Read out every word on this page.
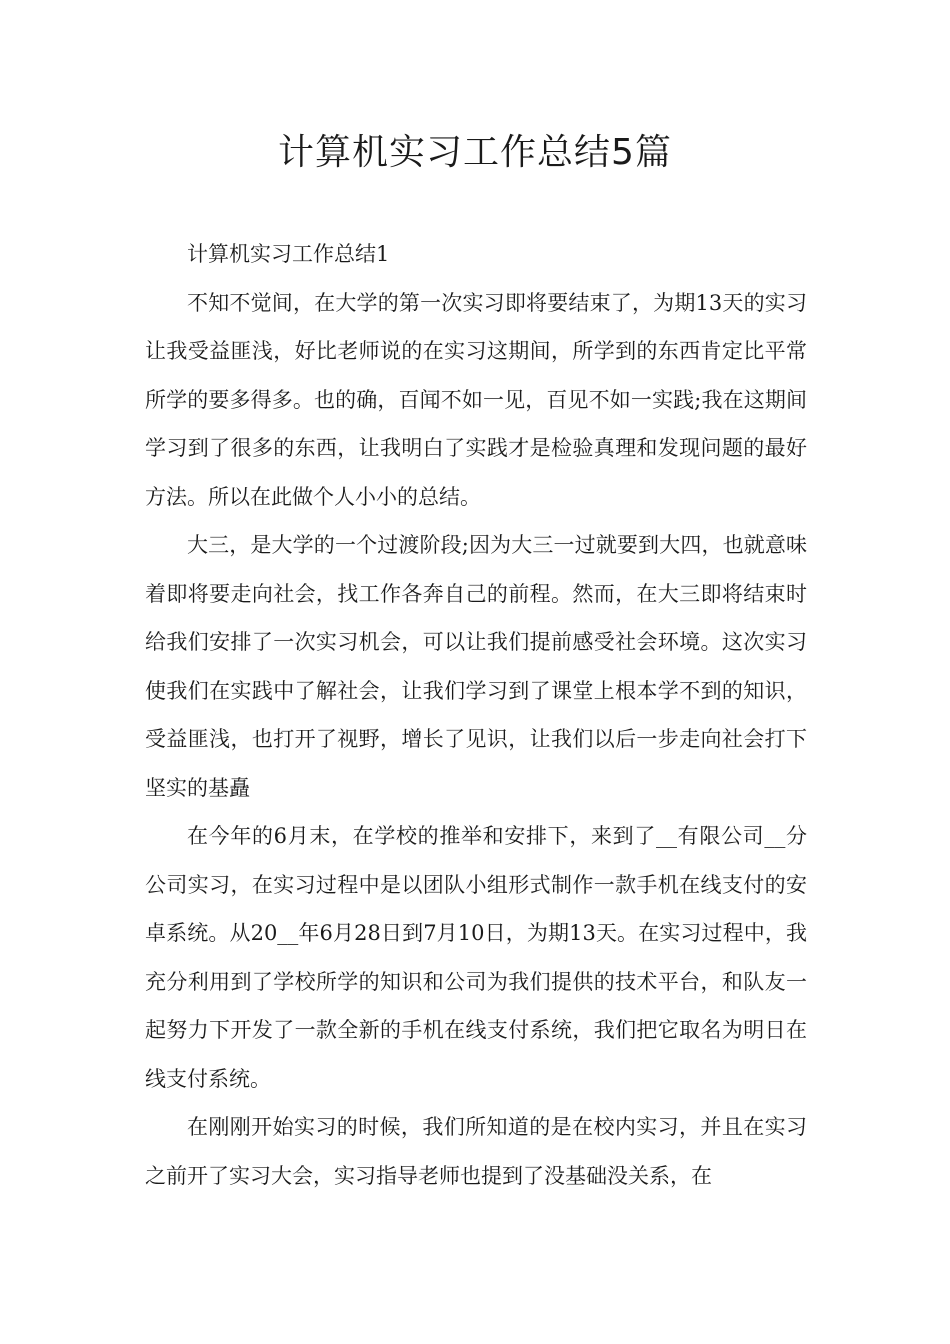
计算机实习工作总结5篇

计算机实习工作总结1

不知不觉间，在大学的第一次实习即将要结束了，为期13天的实习让我受益匪浅，好比老师说的在实习这期间，所学到的东西肯定比平常所学的要多得多。也的确，百闻不如一见，百见不如一实践;我在这期间学习到了很多的东西，让我明白了实践才是检验真理和发现问题的最好方法。所以在此做个人小小的总结。

大三，是大学的一个过渡阶段;因为大三一过就要到大四，也就意味着即将要走向社会，找工作各奔自己的前程。然而，在大三即将结束时给我们安排了一次实习机会，可以让我们提前感受社会环境。这次实习使我们在实践中了解社会，让我们学习到了课堂上根本学不到的知识，受益匪浅，也打开了视野，增长了见识，让我们以后一步走向社会打下坚实的基矗

在今年的6月末，在学校的推举和安排下，来到了__有限公司__分公司实习，在实习过程中是以团队小组形式制作一款手机在线支付的安卓系统。从20__年6月28日到7月10日，为期13天。在实习过程中，我充分利用到了学校所学的知识和公司为我们提供的技术平台，和队友一起努力下开发了一款全新的手机在线支付系统，我们把它取名为明日在线支付系统。

在刚刚开始实习的时候，我们所知道的是在校内实习，并且在实习之前开了实习大会，实习指导老师也提到了没基础没关系，在
